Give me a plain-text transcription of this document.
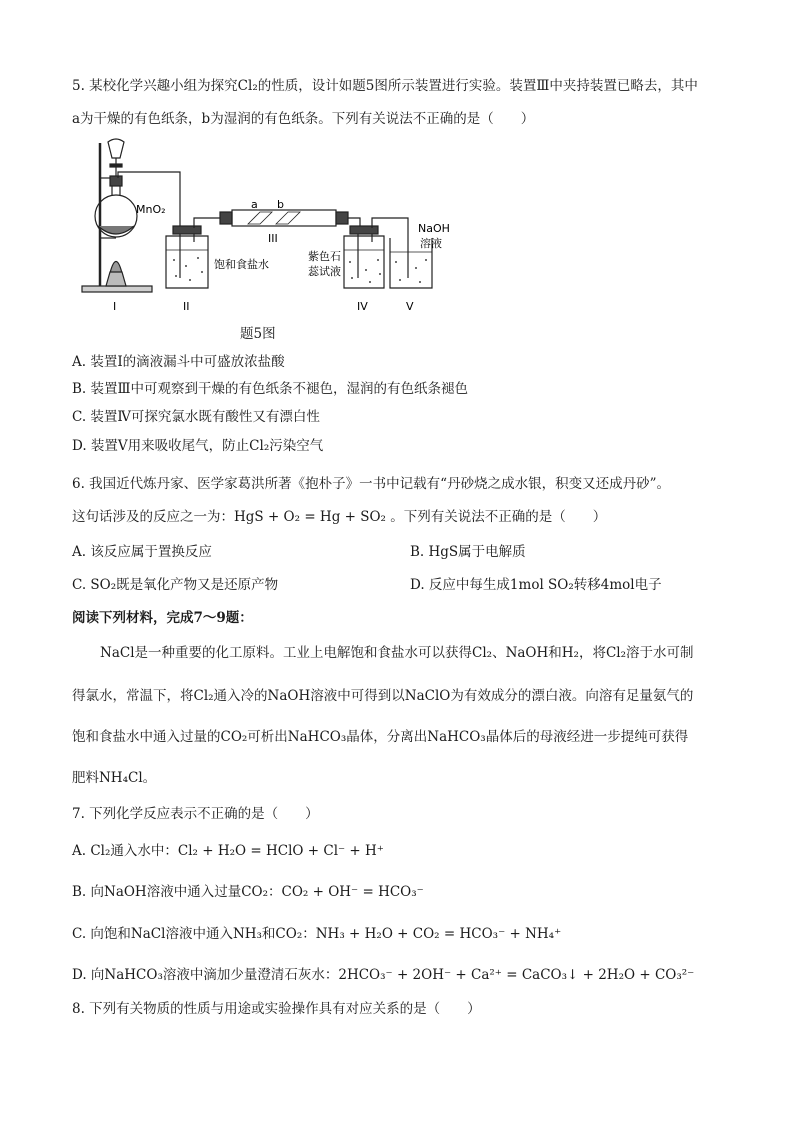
5. 某校化学兴趣小组为探究Cl₂的性质，设计如题5图所示装置进行实验。装置Ⅲ中夹持装置已略去，其中
a为干燥的有色纸条，b为湿润的有色纸条。下列有关说法不正确的是（　　）
MnO₂	a b
III
饱和食盐水
紫色石
蕊试液
NaOH
溶液
I	II	IV	V
题5图
A. 装置Ⅰ的滴液漏斗中可盛放浓盐酸
B. 装置Ⅲ中可观察到干燥的有色纸条不褪色，湿润的有色纸条褪色
C. 装置Ⅳ可探究氯水既有酸性又有漂白性
D. 装置Ⅴ用来吸收尾气，防止Cl₂污染空气
6. 我国近代炼丹家、医学家葛洪所著《抱朴子》一书中记载有“丹砂烧之成水银，积变又还成丹砂”。
这句话涉及的反应之一为：HgS + O₂ = Hg + SO₂ 。下列有关说法不正确的是（　　）
A. 该反应属于置换反应	B. HgS属于电解质
C. SO₂既是氧化产物又是还原产物	D. 反应中每生成1mol SO₂转移4mol电子
阅读下列材料，完成7～9题：
NaCl是一种重要的化工原料。工业上电解饱和食盐水可以获得Cl₂、NaOH和H₂，将Cl₂溶于水可制
得氯水，常温下，将Cl₂通入冷的NaOH溶液中可得到以NaClO为有效成分的漂白液。向溶有足量氨气的
饱和食盐水中通入过量的CO₂可析出NaHCO₃晶体，分离出NaHCO₃晶体后的母液经进一步提纯可获得
肥料NH₄Cl。
7. 下列化学反应表示不正确的是（　　）
A. Cl₂通入水中：Cl₂ + H₂O = HClO + Cl⁻ + H⁺
B. 向NaOH溶液中通入过量CO₂：CO₂ + OH⁻ = HCO₃⁻
C. 向饱和NaCl溶液中通入NH₃和CO₂：NH₃ + H₂O + CO₂ = HCO₃⁻ + NH₄⁺
D. 向NaHCO₃溶液中滴加少量澄清石灰水：2HCO₃⁻ + 2OH⁻ + Ca²⁺ = CaCO₃↓ + 2H₂O + CO₃²⁻
8. 下列有关物质的性质与用途或实验操作具有对应关系的是（　　）
